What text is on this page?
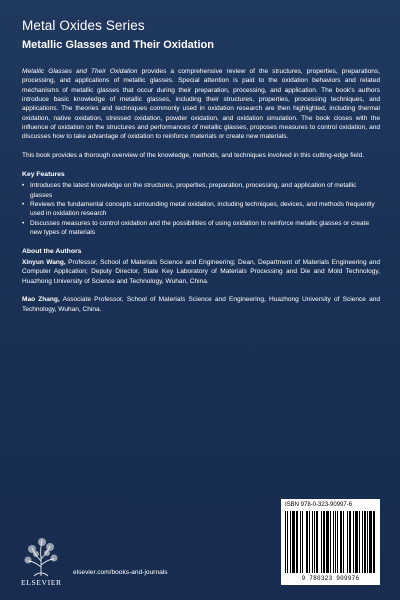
Metal Oxides Series
Metallic Glasses and Their Oxidation

Metallic Glasses and Their Oxidation provides a comprehensive review of the structures, properties, preparations, processing, and applications of metallic glasses. Special attention is paid to the oxidation behaviors and related mechanisms of metallic glasses that occur during their preparation, processing, and application. The book's authors introduce basic knowledge of metallic glasses, including their structures, properties, processing techniques, and applications. The theories and techniques commonly used in oxidation research are then highlighted, including thermal oxidation, native oxidation, stressed oxidation, powder oxidation, and oxidation simulation. The book closes with the influence of oxidation on the structures and performances of metallic glasses, proposes measures to control oxidation, and discusses how to take advantage of oxidation to reinforce materials or create new materials.

This book provides a thorough overview of the knowledge, methods, and techniques involved in this cutting-edge field.

Key Features
• Introduces the latest knowledge on the structures, properties, preparation, processing, and application of metallic glasses
• Reviews the fundamental concepts surrounding metal oxidation, including techniques, devices, and methods frequently used in oxidation research
• Discusses measures to control oxidation and the possibilities of using oxidation to reinforce metallic glasses or create new types of materials
About the Authors

Xinyun Wang, Professor, School of Materials Science and Engineering; Dean, Department of Materials Engineering and Computer Application; Deputy Director, State Key Laboratory of Materials Processing and Die and Mold Technology, Huazhong University of Science and Technology, Wuhan, China.

Mao Zhang, Associate Professor, School of Materials Science and Engineering, Huazhong University of Science and Technology, Wuhan, China.

ELSEVIER
elsevier.com/books-and-journals
ISBN 978-0-323-90997-6
9 780323 909976
